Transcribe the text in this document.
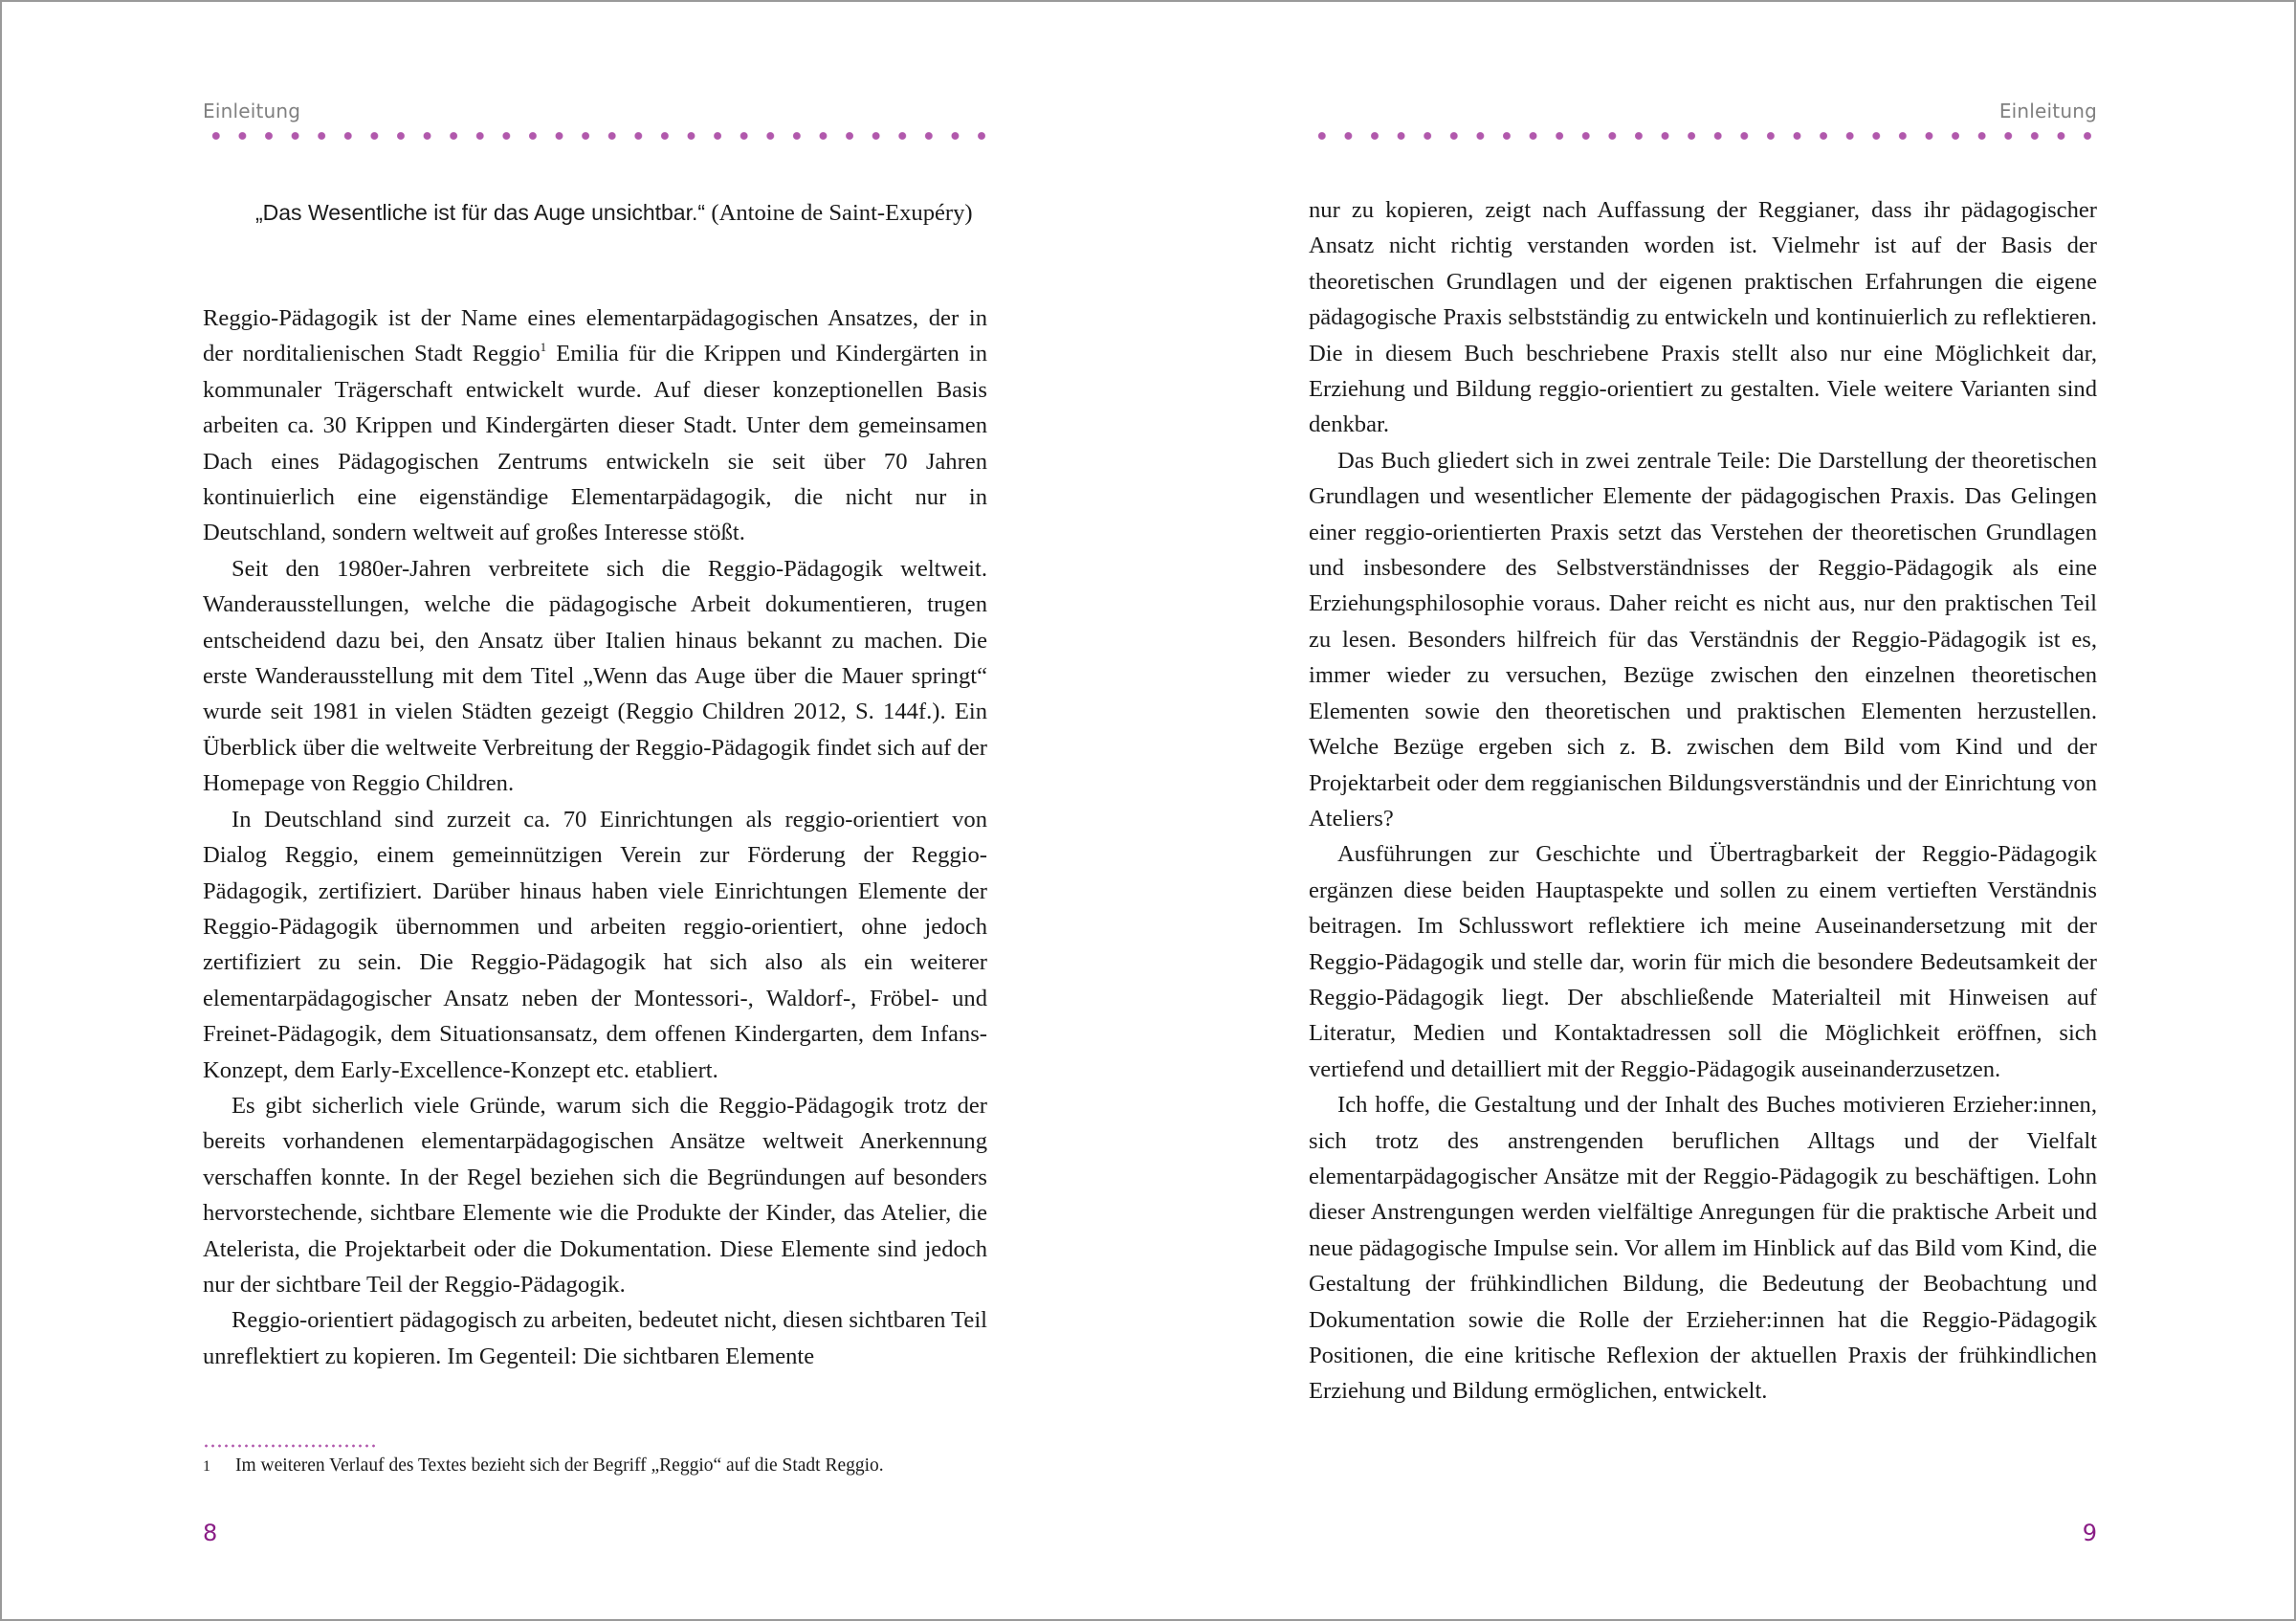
Einleitung
„Das Wesentliche ist für das Auge unsichtbar.“ (Antoine de Saint-Exupéry)

Reggio-Pädagogik ist der Name eines elementarpädagogischen Ansatzes, der in der norditalienischen Stadt Reggio$^1$ Emilia für die Krippen und Kindergärten in kommunaler Trägerschaft entwickelt wurde. Auf dieser konzeptionellen Basis arbeiten ca. 30 Krippen und Kindergärten dieser Stadt. Unter dem gemeinsamen Dach eines Pädagogischen Zentrums entwickeln sie seit über 70 Jahren kontinuierlich eine eigenständige Elementarpädagogik, die nicht nur in Deutschland, sondern weltweit auf großes Interesse stößt.

Seit den 1980er-Jahren verbreitete sich die Reggio-Pädagogik weltweit. Wanderausstellungen, welche die pädagogische Arbeit dokumentieren, trugen entscheidend dazu bei, den Ansatz über Italien hinaus bekannt zu machen. Die erste Wanderausstellung mit dem Titel „Wenn das Auge über die Mauer springt“ wurde seit 1981 in vielen Städten gezeigt (Reggio Children 2012, S. 144f.). Ein Überblick über die weltweite Verbreitung der Reggio-Pädagogik findet sich auf der Homepage von Reggio Children.

In Deutschland sind zurzeit ca. 70 Einrichtungen als reggio-orientiert von Dialog Reggio, einem gemeinnützigen Verein zur Förderung der Reggio-Pädagogik, zertifiziert. Darüber hinaus haben viele Einrichtungen Elemente der Reggio-Pädagogik übernommen und arbeiten reggio-orientiert, ohne jedoch zertifiziert zu sein. Die Reggio-Pädagogik hat sich also als ein weiterer elementarpädagogischer Ansatz neben der Montessori-, Waldorf-, Fröbel- und Freinet-Pädagogik, dem Situationsansatz, dem offenen Kindergarten, dem Infans-Konzept, dem Early-Excellence-Konzept etc. etabliert.

Es gibt sicherlich viele Gründe, warum sich die Reggio-Pädagogik trotz der bereits vorhandenen elementarpädagogischen Ansätze weltweit Anerkennung verschaffen konnte. In der Regel beziehen sich die Begründungen auf besonders hervorstechende, sichtbare Elemente wie die Produkte der Kinder, das Atelier, die Atelerista, die Projektarbeit oder die Dokumentation. Diese Elemente sind jedoch nur der sichtbare Teil der Reggio-Pädagogik.

Reggio-orientiert pädagogisch zu arbeiten, bedeutet nicht, diesen sichtbaren Teil unreflektiert zu kopieren. Im Gegenteil: Die sichtbaren Elemente

1 Im weiteren Verlauf des Textes bezieht sich der Begriff „Reggio“ auf die Stadt Reggio.
8
Einleitung

nur zu kopieren, zeigt nach Auffassung der Reggianer, dass ihr pädagogischer Ansatz nicht richtig verstanden worden ist. Vielmehr ist auf der Basis der theoretischen Grundlagen und der eigenen praktischen Erfahrungen die eigene pädagogische Praxis selbstständig zu entwickeln und kontinuierlich zu reflektieren. Die in diesem Buch beschriebene Praxis stellt also nur eine Möglichkeit dar, Erziehung und Bildung reggio-orientiert zu gestalten. Viele weitere Varianten sind denkbar.

Das Buch gliedert sich in zwei zentrale Teile: Die Darstellung der theoretischen Grundlagen und wesentlicher Elemente der pädagogischen Praxis. Das Gelingen einer reggio-orientierten Praxis setzt das Verstehen der theoretischen Grundlagen und insbesondere des Selbstverständnisses der Reggio-Pädagogik als eine Erziehungsphilosophie voraus. Daher reicht es nicht aus, nur den praktischen Teil zu lesen. Besonders hilfreich für das Verständnis der Reggio-Pädagogik ist es, immer wieder zu versuchen, Bezüge zwischen den einzelnen theoretischen Elementen sowie den theoretischen und praktischen Elementen herzustellen. Welche Bezüge ergeben sich z. B. zwischen dem Bild vom Kind und der Projektarbeit oder dem reggianischen Bildungsverständnis und der Einrichtung von Ateliers?

Ausführungen zur Geschichte und Übertragbarkeit der Reggio-Pädagogik ergänzen diese beiden Hauptaspekte und sollen zu einem vertieften Verständnis beitragen. Im Schlusswort reflektiere ich meine Auseinandersetzung mit der Reggio-Pädagogik und stelle dar, worin für mich die besondere Bedeutsamkeit der Reggio-Pädagogik liegt. Der abschließende Materialteil mit Hinweisen auf Literatur, Medien und Kontaktadressen soll die Möglichkeit eröffnen, sich vertiefend und detailliert mit der Reggio-Pädagogik auseinanderzusetzen.

Ich hoffe, die Gestaltung und der Inhalt des Buches motivieren Erzieher:innen, sich trotz des anstrengenden beruflichen Alltags und der Vielfalt elementarpädagogischer Ansätze mit der Reggio-Pädagogik zu beschäftigen. Lohn dieser Anstrengungen werden vielfältige Anregungen für die praktische Arbeit und neue pädagogische Impulse sein. Vor allem im Hinblick auf das Bild vom Kind, die Gestaltung der frühkindlichen Bildung, die Bedeutung der Beobachtung und Dokumentation sowie die Rolle der Erzieher:innen hat die Reggio-Pädagogik Positionen, die eine kritische Reflexion der aktuellen Praxis der frühkindlichen Erziehung und Bildung ermöglichen, entwickelt.

9
